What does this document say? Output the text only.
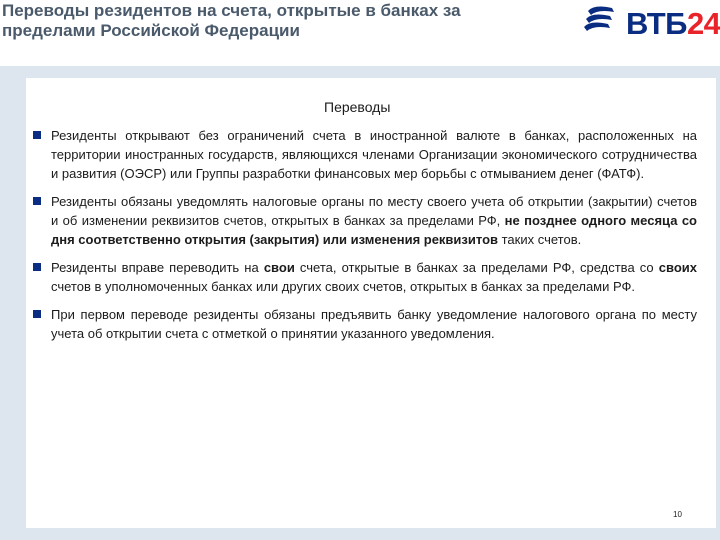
Переводы резидентов на счета, открытые в банках за
пределами Российской Федерации	ВТБ24
Переводы
Резиденты открывают без ограничений счета в иностранной валюте в банках, расположенных на территории иностранных государств, являющихся членами Организации экономического сотрудничества и развития (ОЭСР) или Группы разработки финансовых мер борьбы с отмыванием денег (ФАТФ).
Резиденты обязаны уведомлять налоговые органы по месту своего учета об открытии (закрытии) счетов и об изменении реквизитов счетов, открытых в банках за пределами РФ, не позднее одного месяца со дня соответственно открытия (закрытия) или изменения реквизитов таких счетов.
Резиденты вправе переводить на свои счета, открытые в банках за пределами РФ, средства со своих счетов в уполномоченных банках или других своих счетов, открытых в банках за пределами РФ.
При первом переводе резиденты обязаны предъявить банку уведомление налогового органа по месту учета об открытии счета с отметкой о принятии указанного уведомления.
10
